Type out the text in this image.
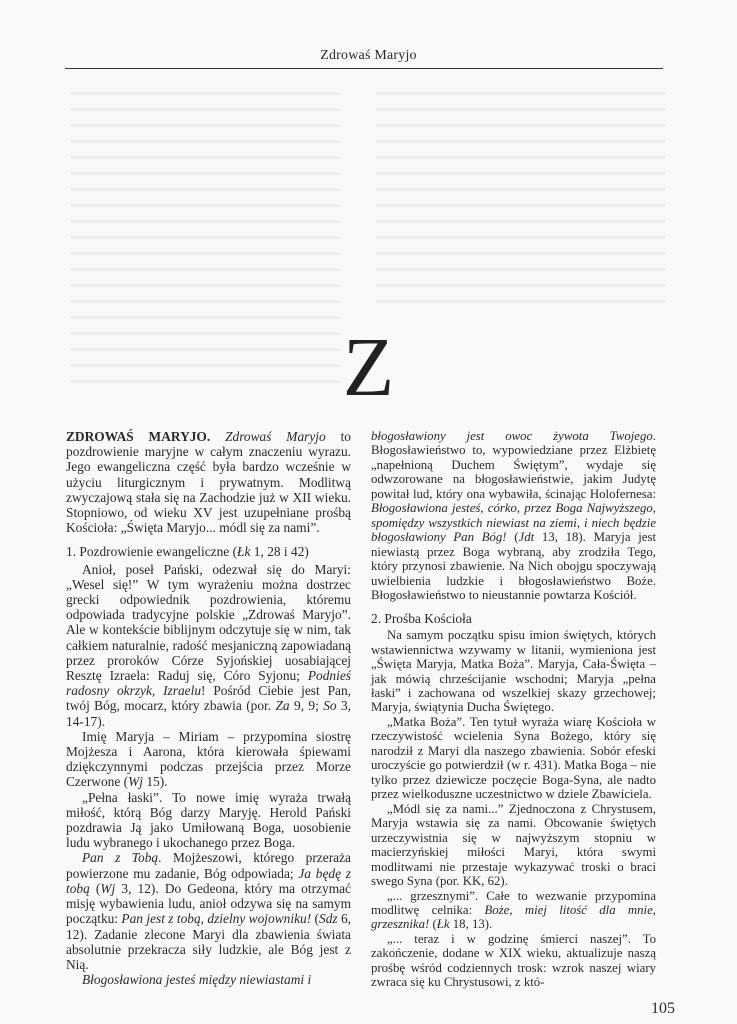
Zdrowaś Maryjo
Z

ZDROWAŚ MARYJO. Zdrowaś Maryjo to pozdrowienie maryjne w całym znaczeniu wyrazu. Jego ewangeliczna część była bardzo wcześnie w użyciu liturgicznym i prywatnym. Modlitwą zwyczajową stała się na Zachodzie już w XII wieku. Stopniowo, od wieku XV jest uzupełniane prośbą Kościoła: „Święta Maryjo... módl się za nami”.

1. Pozdrowienie ewangeliczne (Łk 1, 28 i 42)

Anioł, poseł Pański, odezwał się do Maryi: „Wesel się!” W tym wyrażeniu można dostrzec grecki odpowiednik pozdrowienia, któremu odpowiada tradycyjne polskie „Zdrowaś Maryjo”. Ale w kontekście biblijnym odczytuje się w nim, tak całkiem naturalnie, radość mesjaniczną zapowiadaną przez proroków Córze Syjońskiej uosabiającej Resztę Izraela: Raduj się, Córo Syjonu; Podnieś radosny okrzyk, Izraelu! Pośród Ciebie jest Pan, twój Bóg, mocarz, który zbawia (por. Za 9, 9; So 3, 14-17).

Imię Maryja – Miriam – przypomina siostrę Mojżesza i Aarona, która kierowała śpiewami dziękczynnymi podczas przejścia przez Morze Czerwone (Wj 15).

„Pełna łaski”. To nowe imię wyraża trwałą miłość, którą Bóg darzy Maryję. Herold Pański pozdrawia Ją jako Umiłowaną Boga, uosobienie ludu wybranego i ukochanego przez Boga.

Pan z Tobą. Mojżeszowi, którego przeraża powierzone mu zadanie, Bóg odpowiada; Ja będę z tobą (Wj 3, 12). Do Gedeona, który ma otrzymać misję wybawienia ludu, anioł odzywa się na samym początku: Pan jest z tobą, dzielny wojowniku! (Sdz 6, 12). Zadanie zlecone Maryi dla zbawienia świata absolutnie przekracza siły ludzkie, ale Bóg jest z Nią.

Błogosławiona jesteś między niewiastami i

błogosławiony jest owoc żywota Twojego. Błogosławieństwo to, wypowiedziane przez Elżbietę „napełnioną Duchem Świętym”, wydaje się odwzorowane na błogosławieństwie, jakim Judytę powitał lud, który ona wybawiła, ścinając Holofernesa: Błogosławiona jesteś, córko, przez Boga Najwyższego, spomiędzy wszystkich niewiast na ziemi, i niech będzie błogosławiony Pan Bóg! (Jdt 13, 18). Maryja jest niewiastą przez Boga wybraną, aby zrodziła Tego, który przynosi zbawienie. Na Nich obojgu spoczywają uwielbienia ludzkie i błogosławieństwo Boże. Błogosławieństwo to nieustannie powtarza Kościół.

2. Prośba Kościoła

Na samym początku spisu imion świętych, których wstawiennictwa wzywamy w litanii, wymieniona jest „Święta Maryja, Matka Boża”. Maryja, Cała-Święta – jak mówią chrześcijanie wschodni; Maryja „pełna łaski” i zachowana od wszelkiej skazy grzechowej; Maryja, świątynia Ducha Świętego.

„Matka Boża”. Ten tytuł wyraża wiarę Kościoła w rzeczywistość wcielenia Syna Bożego, który się narodził z Maryi dla naszego zbawienia. Sobór efeski uroczyście go potwierdził (w r. 431). Matka Boga – nie tylko przez dziewicze poczęcie Boga-Syna, ale nadto przez wielkoduszne uczestnictwo w dziele Zbawiciela.

„Módl się za nami...” Zjednoczona z Chrystusem, Maryja wstawia się za nami. Obcowanie świętych urzeczywistnia się w najwyższym stopniu w macierzyńskiej miłości Maryi, która swymi modlitwami nie przestaje wykazywać troski o braci swego Syna (por. KK, 62).

„... grzesznymi”. Całe to wezwanie przypomina modlitwę celnika: Boże, miej litość dla mnie, grzesznika! (Łk 18, 13).

„... teraz i w godzinę śmierci naszej”. To zakończenie, dodane w XIX wieku, aktualizuje naszą prośbę wśród codziennych trosk: wzrok naszej wiary zwraca się ku Chrystusowi, z któ-

105
